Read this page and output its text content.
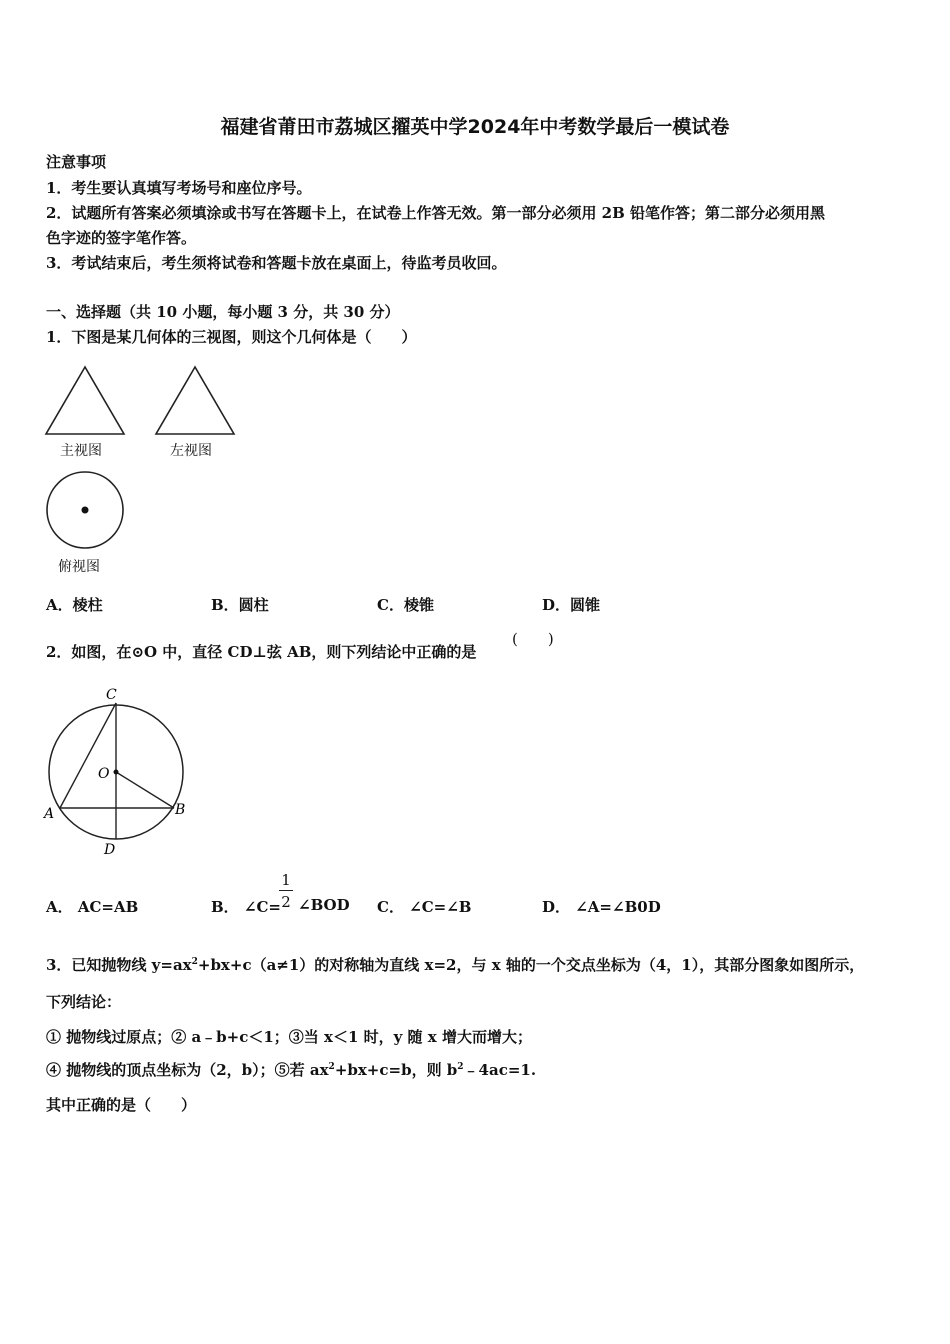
福建省莆田市荔城区擢英中学2024年中考数学最后一模试卷
注意事项
1．考生要认真填写考场号和座位序号。
2．试题所有答案必须填涂或书写在答题卡上，在试卷上作答无效。第一部分必须用 2B 铅笔作答；第二部分必须用黑
色字迹的签字笔作答。
3．考试结束后，考生须将试卷和答题卡放在桌面上，待监考员收回。
一、选择题（共 10 小题，每小题 3 分，共 30 分）
1．下图是某几何体的三视图，则这个几何体是（　　）
主视图	左视图
俯视图
A．棱柱	B．圆柱	C．棱锥	D．圆锥
2．如图，在⊙O 中，直径 CD⊥弦 AB，则下列结论中正确的是
(　　)
C
O
A	B
D
A． AC=AB	B． ∠C=
1
2 ∠BOD C． ∠C=∠B	D． ∠A=∠B0D
3．已知抛物线 $y=ax^2+bx+c(a\ne 1)$的对称轴为直线 x=2，与 x 轴的一个交点坐标为（4，1），其部分图象如图所示，
下列结论：
① 抛物线过原点；② a﹣b+c＜1；③当 x＜1 时，y 随 x 增大而增大；
④ 抛物线的顶点坐标为（2，b）；⑤若 $ax^2+bx+c=b$，则 $b^2﹣4ac=1$.
其中正确的是（　　）
